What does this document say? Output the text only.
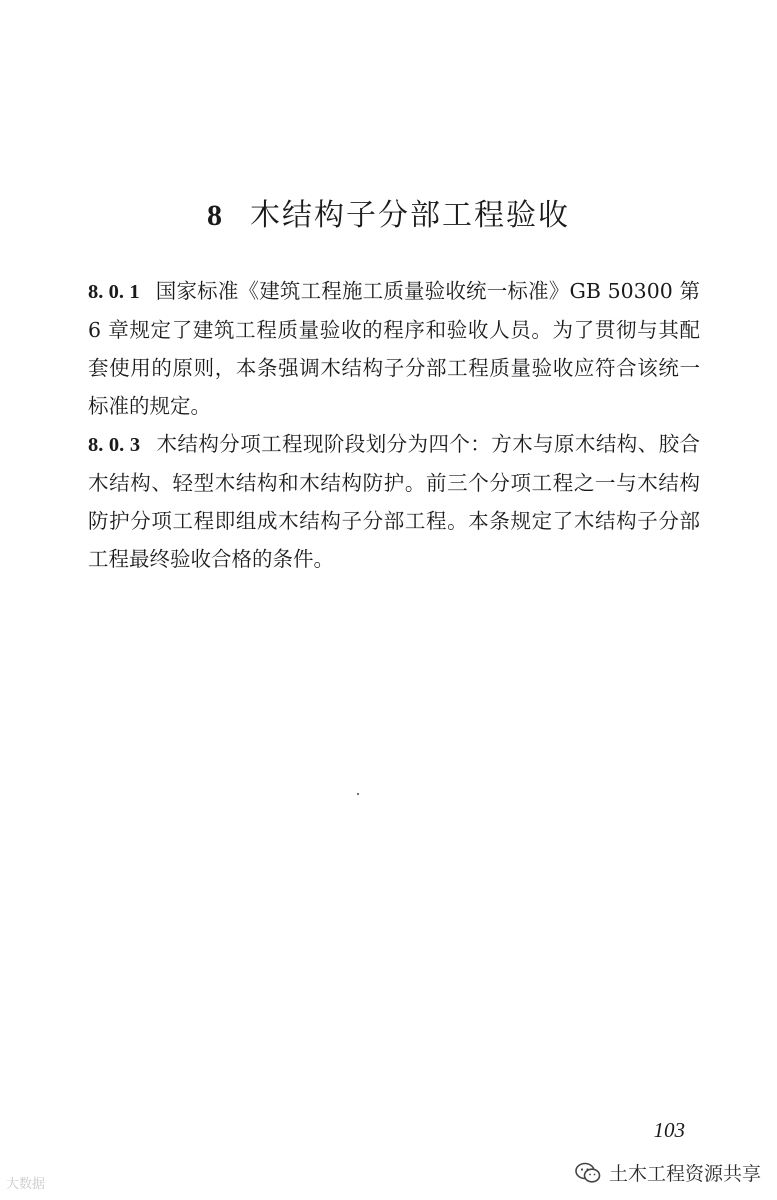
8 木结构子分部工程验收

8. 0. 1 国家标准《建筑工程施工质量验收统一标准》GB 50300 第 6 章规定了建筑工程质量验收的程序和验收人员。为了贯彻与其配套使用的原则，本条强调木结构子分部工程质量验收应符合该统一标准的规定。

8. 0. 3 木结构分项工程现阶段划分为四个：方木与原木结构、胶合木结构、轻型木结构和木结构防护。前三个分项工程之一与木结构防护分项工程即组成木结构子分部工程。本条规定了木结构子分部工程最终验收合格的条件。

103
大数据	土木工程资源共享
